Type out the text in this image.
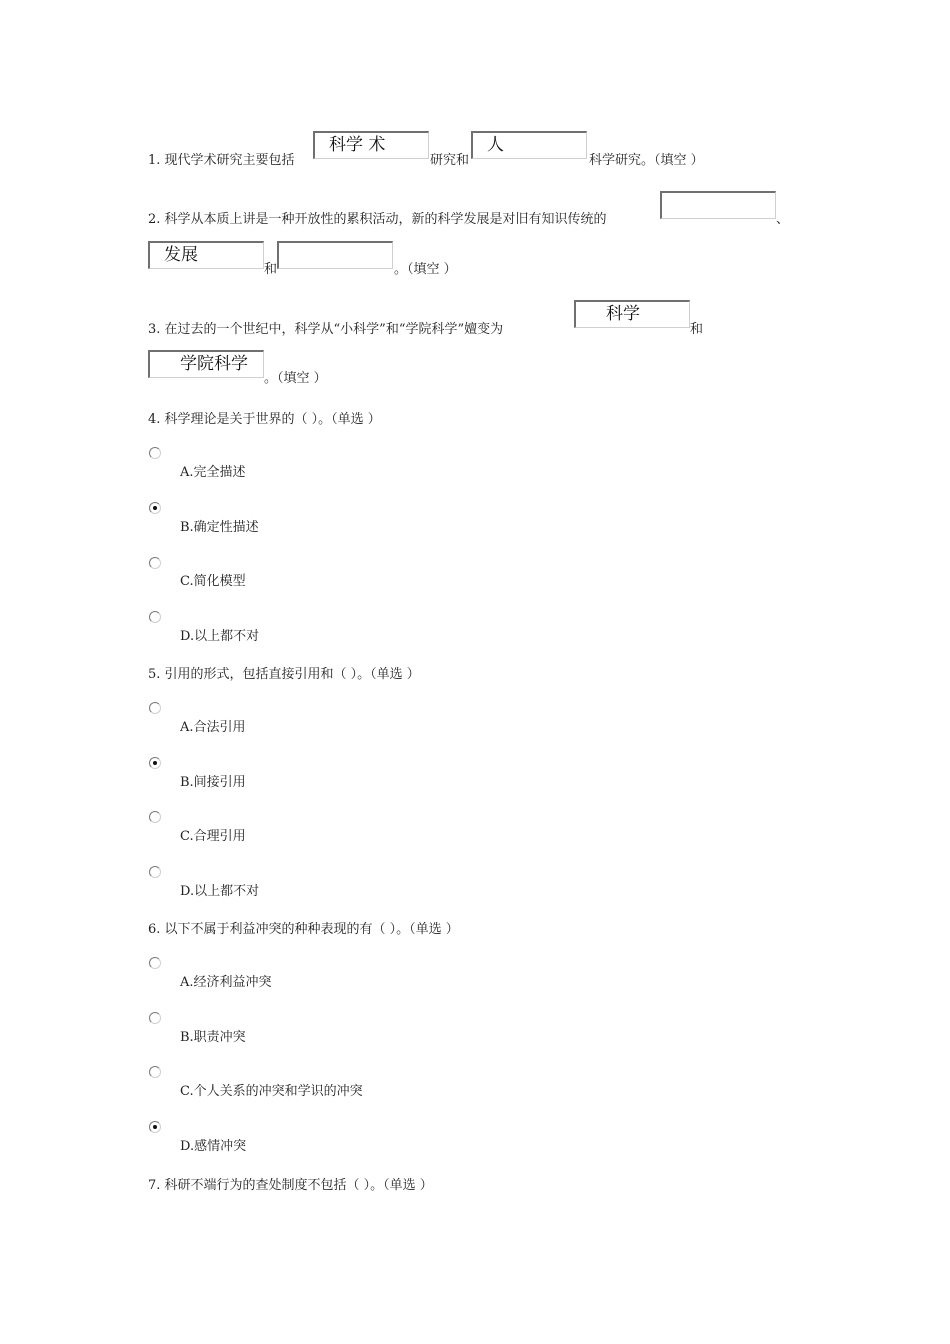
1. 现代学术研究主要包括
科学 术
研究和
人
科学研究。（填空 ）
2. 科学从本质上讲是一种开放性的累积活动，新的科学发展是对旧有知识传统的	、
发展
和	。（填空 ）
3. 在过去的一个世纪中，科学从“小科学”和“学院科学”嬗变为
科学
和
学院科学
。（填空 ）
4. 科学理论是关于世界的（ ）。（单选 ）
A.完全描述
B.确定性描述
C.简化模型
D.以上都不对
5. 引用的形式，包括直接引用和（ ）。（单选 ）
A.合法引用
B.间接引用
C.合理引用
D.以上都不对
6. 以下不属于利益冲突的种种表现的有（ ）。（单选 ）
A.经济利益冲突
B.职责冲突
C.个人关系的冲突和学识的冲突
D.感情冲突
7. 科研不端行为的查处制度不包括（ ）。（单选 ）
